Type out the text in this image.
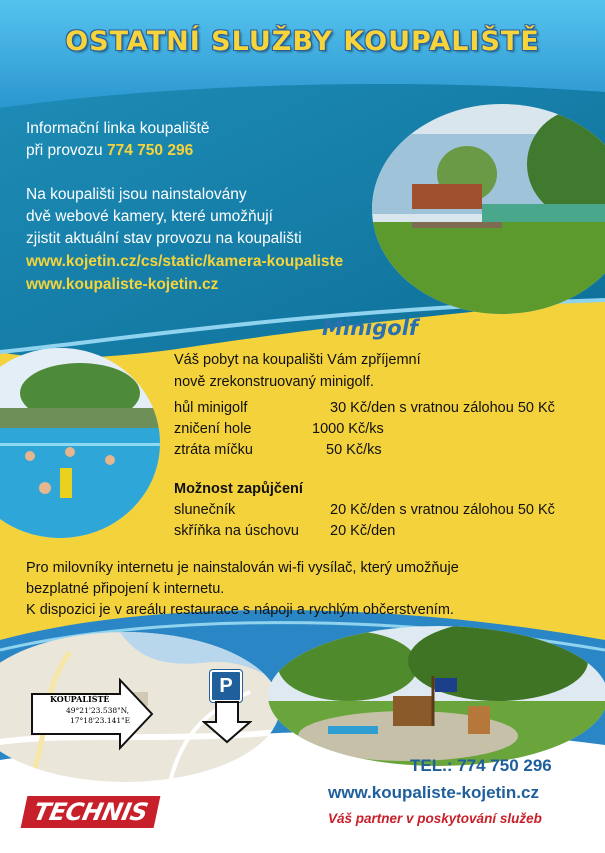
OSTATNÍ SLUŽBY KOUPALIŠTĚ
Informační linka koupaliště
při provozu 774 750 296
Na koupališti jsou nainstalovány
dvě webové kamery, které umožňují
zjistit aktuální stav provozu na koupališti
www.kojetin.cz/cs/static/kamera-koupaliste
www.koupaliste-kojetin.cz
Minigolf
Váš pobyt na koupališti Vám zpříjemní
nově zrekonstruovaný minigolf.
hůl minigolf	30 Kč/den s vratnou zálohou 50 Kč
zničení hole	1000 Kč/ks
ztráta míčku	50 Kč/ks
Možnost zapůjčení
slunečník	20 Kč/den s vratnou zálohou 50 Kč
skříňka na úschovu 20 Kč/den
Pro milovníky internetu je nainstalován wi-fi vysílač, který umožňuje
bezplatné připojení k internetu.
K dispozici je v areálu restaurace s nápoji a rychlým občerstvením.
KOUPALIŠTĚ
49°21'23.538"N,
17°18'23.141"E
P
TEL.: 774 750 296
www.koupaliste-kojetin.cz
Váš partner v poskytování služeb
TECHNIS
